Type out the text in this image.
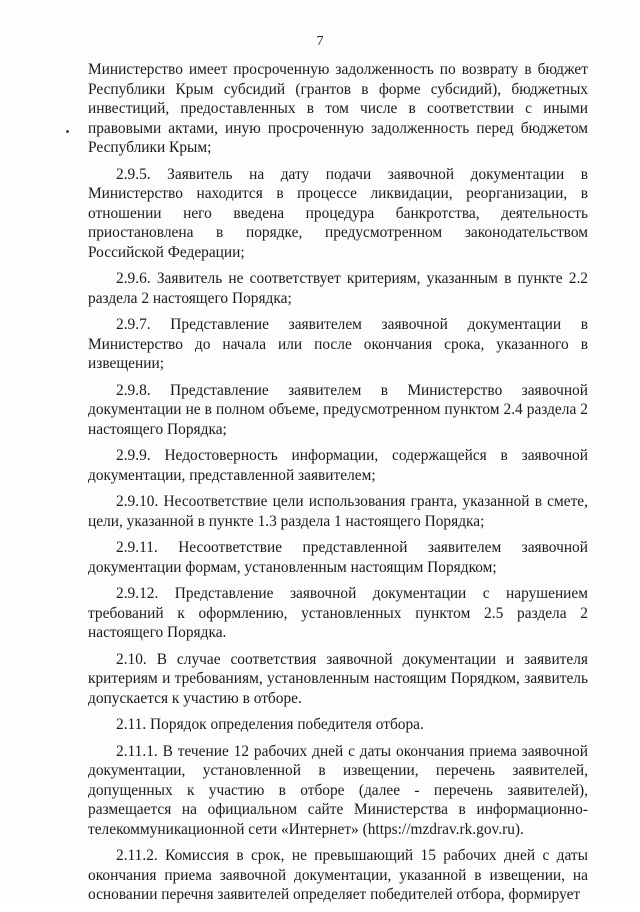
7

Министерство имеет просроченную задолженность по возврату в бюджет Республики Крым субсидий (грантов в форме субсидий), бюджетных инвестиций, предоставленных в том числе в соответствии с иными правовыми актами, иную просроченную задолженность перед бюджетом Республики Крым;

2.9.5. Заявитель на дату подачи заявочной документации в Министерство находится в процессе ликвидации, реорганизации, в отношении него введена процедура банкротства, деятельность приостановлена в порядке, предусмотренном законодательством Российской Федерации;

2.9.6. Заявитель не соответствует критериям, указанным в пункте 2.2 раздела 2 настоящего Порядка;

2.9.7. Представление заявителем заявочной документации в Министерство до начала или после окончания срока, указанного в извещении;

2.9.8. Представление заявителем в Министерство заявочной документации не в полном объеме, предусмотренном пунктом 2.4 раздела 2 настоящего Порядка;

2.9.9. Недостоверность информации, содержащейся в заявочной документации, представленной заявителем;

2.9.10. Несоответствие цели использования гранта, указанной в смете, цели, указанной в пункте 1.3 раздела 1 настоящего Порядка;

2.9.11. Несоответствие представленной заявителем заявочной документации формам, установленным настоящим Порядком;

2.9.12. Представление заявочной документации с нарушением требований к оформлению, установленных пунктом 2.5 раздела 2 настоящего Порядка.

2.10. В случае соответствия заявочной документации и заявителя критериям и требованиям, установленным настоящим Порядком, заявитель допускается к участию в отборе.

2.11. Порядок определения победителя отбора.

2.11.1. В течение 12 рабочих дней с даты окончания приема заявочной документации, установленной в извещении, перечень заявителей, допущенных к участию в отборе (далее - перечень заявителей), размещается на официальном сайте Министерства в информационно-телекоммуникационной сети «Интернет» (https://mzdrav.rk.gov.ru).

2.11.2. Комиссия в срок, не превышающий 15 рабочих дней с даты окончания приема заявочной документации, указанной в извещении, на основании перечня заявителей определяет победителей отбора, формирует
